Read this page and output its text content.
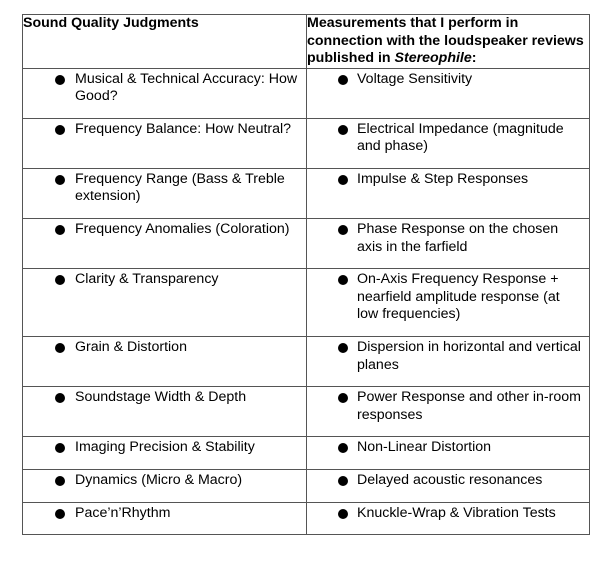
Sound Quality Judgments	Measurements that I perform in connection with the loudspeaker reviews published in Stereophile:

Musical & Technical Accuracy: How Good?	Voltage Sensitivity

Frequency Balance: How Neutral?	Electrical Impedance (magnitude and phase)

Frequency Range (Bass & Treble extension)	Impulse & Step Responses

Frequency Anomalies (Coloration)	Phase Response on the chosen axis in the farfield

Clarity & Transparency	On-Axis Frequency Response + nearfield amplitude response (at low frequencies)

Grain & Distortion	Dispersion in horizontal and vertical planes

Soundstage Width & Depth	Power Response and other in-room responses

Imaging Precision & Stability	Non-Linear Distortion

Dynamics (Micro & Macro)	Delayed acoustic resonances

Pace’n’Rhythm	Knuckle-Wrap & Vibration Tests
